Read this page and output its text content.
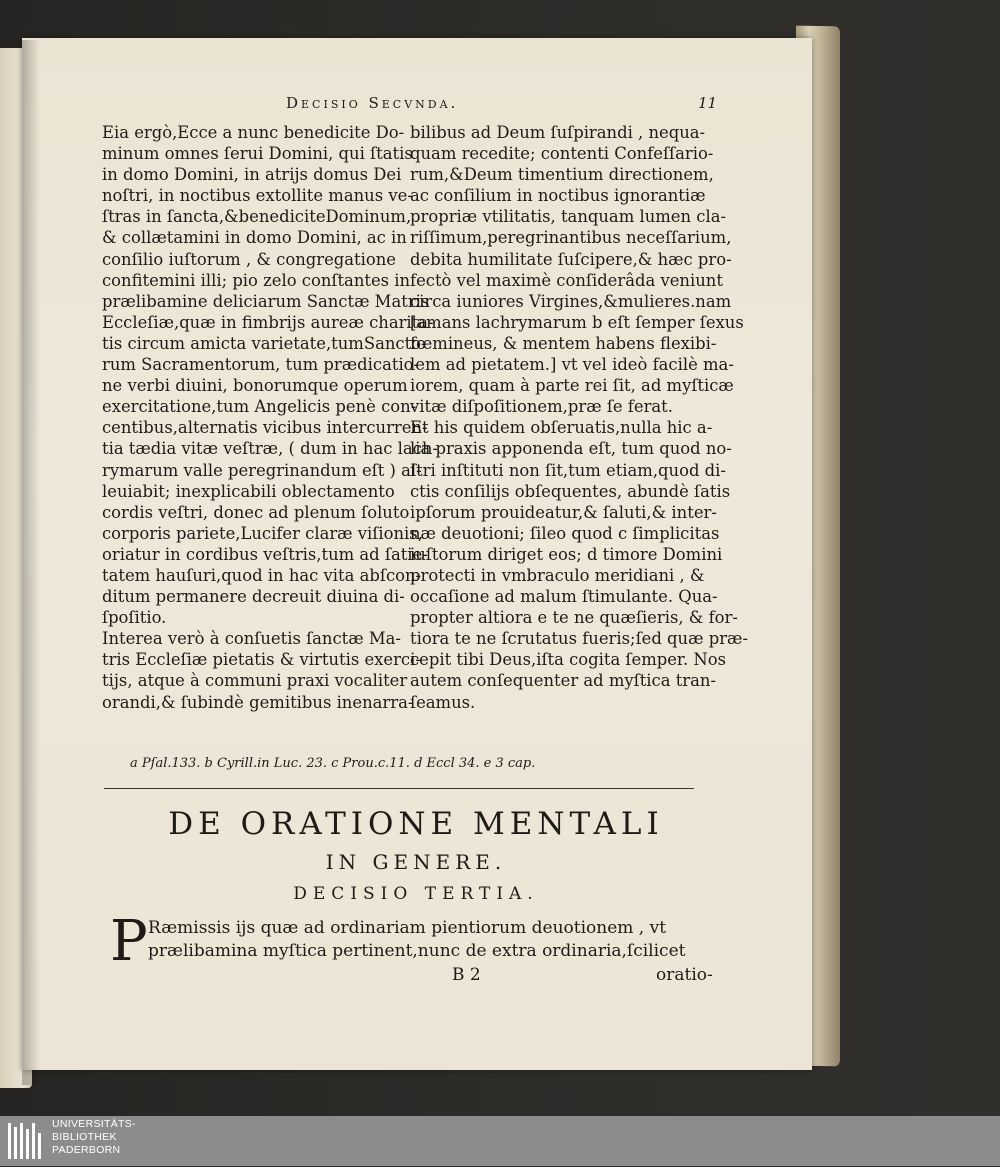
Decisio Secvnda.	11
Eia ergò,Ecce a nunc benedicite Do-
minum omnes ſerui Domini, qui ſtatis
in domo Domini, in atrijs domus Dei
noſtri, in noctibus extollite manus ve-
ſtras in ſancta,&benediciteDominum,
& collætamini in domo Domini, ac in
conſilio iuſtorum , & congregatione
confitemini illi; pio zelo conſtantes in
prælibamine deliciarum Sanctæ Matris
Eccleſiæ,quæ in fimbrijs aureæ charita-
tis circum amicta varietate,tumSancto-
rum Sacramentorum, tum prædicatio-
ne verbi diuini, bonorumque operum
exercitatione,tum Angelicis penè con-
centibus,alternatis vicibus intercurren-
tia tædia vitæ veſtræ, ( dum in hac lach-
rymarum valle peregrinandum eſt ) al-
leuiabit; inexplicabili oblectamento
cordis veſtri, donec ad plenum ſoluto
corporis pariete,Lucifer claræ viſionis,
oriatur in cordibus veſtris,tum ad ſatie-
tatem hauſuri,quod in hac vita abſcon-
ditum permanere decreuit diuina di-
ſpoſitio.
Interea verò à conſuetis ſanctæ Ma-
tris Eccleſiæ pietatis & virtutis exerci-
tijs, atque à communi praxi vocaliter
orandi,& ſubindè gemitibus inenarra-
bilibus ad Deum ſuſpirandi , nequa-
quam recedite; contenti Confeſſario-
rum,&Deum timentium directionem,
ac conſilium in noctibus ignorantiæ
propriæ vtilitatis, tanquam lumen cla-
riſſimum,peregrinantibus neceſſarium,
debita humilitate ſuſcipere,& hæc pro-
fectò vel maximè conſiderâda veniunt
circa iuniores Virgines,&mulieres.nam
[amans lachrymarum b eſt ſemper ſexus
fœmineus, & mentem habens flexibi-
lem ad pietatem.] vt vel ideò facilè ma-
iorem, quam à parte rei ſit, ad myſticæ
vitæ diſpoſitionem,præ ſe ferat.
Et his quidem obſeruatis,nulla hic a-
lia praxis apponenda eſt, tum quod no-
ſtri inſtituti non ſit,tum etiam,quod di-
ctis conſilijs obſequentes, abundè ſatis
ipſorum prouideatur,& ſaluti,& inter-
næ deuotioni; ſileo quod c ſimplicitas
iuſtorum diriget eos; d timore Domini
protecti in vmbraculo meridiani , &
occaſione ad malum ſtimulante. Qua-
propter altiora e te ne quæſieris, & for-
tiora te ne ſcrutatus fueris;ſed quæ præ-
cepit tibi Deus,iſta cogita ſemper. Nos
autem conſequenter ad myſtica tran-
ſeamus.
a Pſal.133. b Cyrill.in Luc. 23. c Prou.c.11. d Eccl 34. e 3 cap.
DE ORATIONE MENTALI
IN GENERE.
DECISIO TERTIA.
P Ræmissis ijs quæ ad ordinariam pientiorum deuotionem , vt
prælibamina myſtica pertinent,nunc de extra ordinaria,ſcilicet
B 2	oratio-
UNIVERSITÄTS-
BIBLIOTHEK
PADERBORN
